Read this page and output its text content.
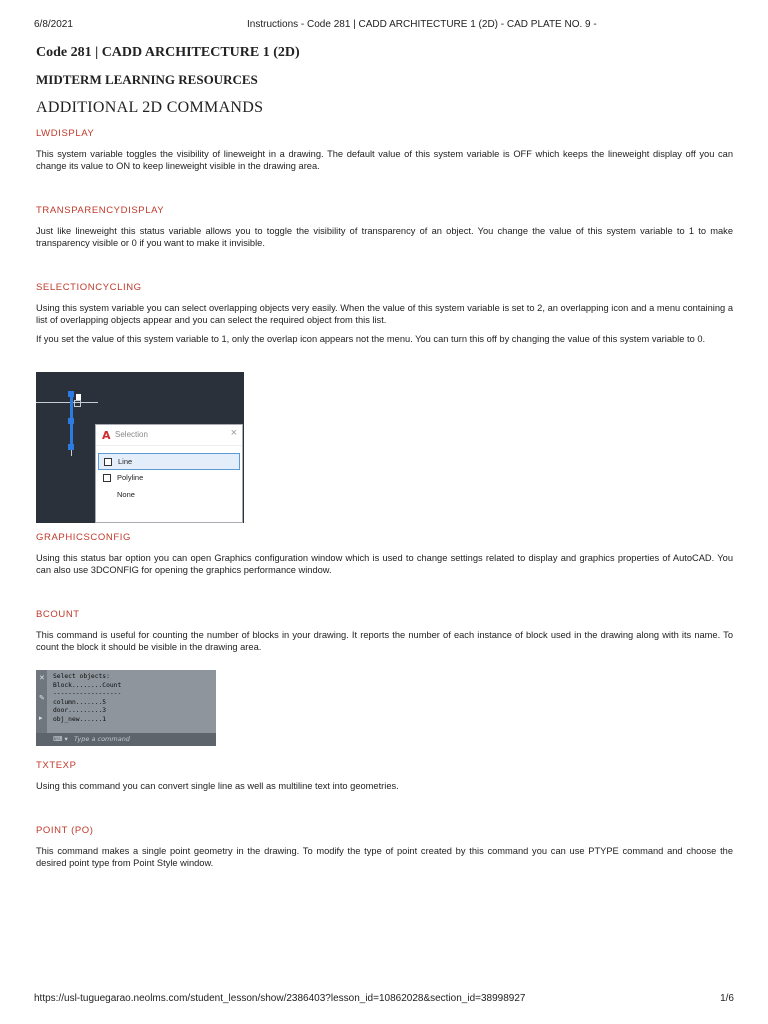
6/8/2021	Instructions - Code 281 | CADD ARCHITECTURE 1 (2D) - CAD PLATE NO. 9 -
Code 281 | CADD ARCHITECTURE 1 (2D)
MIDTERM LEARNING RESOURCES
ADDITIONAL 2D COMMANDS
LWDISPLAY
This system variable toggles the visibility of lineweight in a drawing. The default value of this system variable is OFF which keeps the lineweight display off you can change its value to ON to keep lineweight visible in the drawing area.
TRANSPARENCYDISPLAY
Just like lineweight this status variable allows you to toggle the visibility of transparency of an object. You change the value of this system variable to 1 to make transparency visible or 0 if you want to make it invisible.
SELECTIONCYCLING
Using this system variable you can select overlapping objects very easily. When the value of this system variable is set to 2, an overlapping icon and a menu containing a list of overlapping objects appear and you can select the required object from this list.
If you set the value of this system variable to 1, only the overlap icon appears not the menu. You can turn this off by changing the value of this system variable to 0.
A Selection	×
Line
Polyline
None
GRAPHICSCONFIG
Using this status bar option you can open Graphics configuration window which is used to change settings related to display and graphics properties of AutoCAD. You can also use 3DCONFIG for opening the graphics performance window.
BCOUNT
This command is useful for counting the number of blocks in your drawing. It reports the number of each instance of block used in the drawing along with its name. To count the block it should be visible in the drawing area.
✕
✎
▸
Select objects:
Block........Count
------------------
column.......5
door.........3
obj_new......1
⌨ ▾ Type a command
TXTEXP
Using this command you can convert single line as well as multiline text into geometries.
POINT (PO)
This command makes a single point geometry in the drawing. To modify the type of point created by this command you can use PTYPE command and choose the desired point type from Point Style window.
https://usl-tuguegarao.neolms.com/student_lesson/show/2386403?lesson_id=10862028&section_id=38998927	1/6
